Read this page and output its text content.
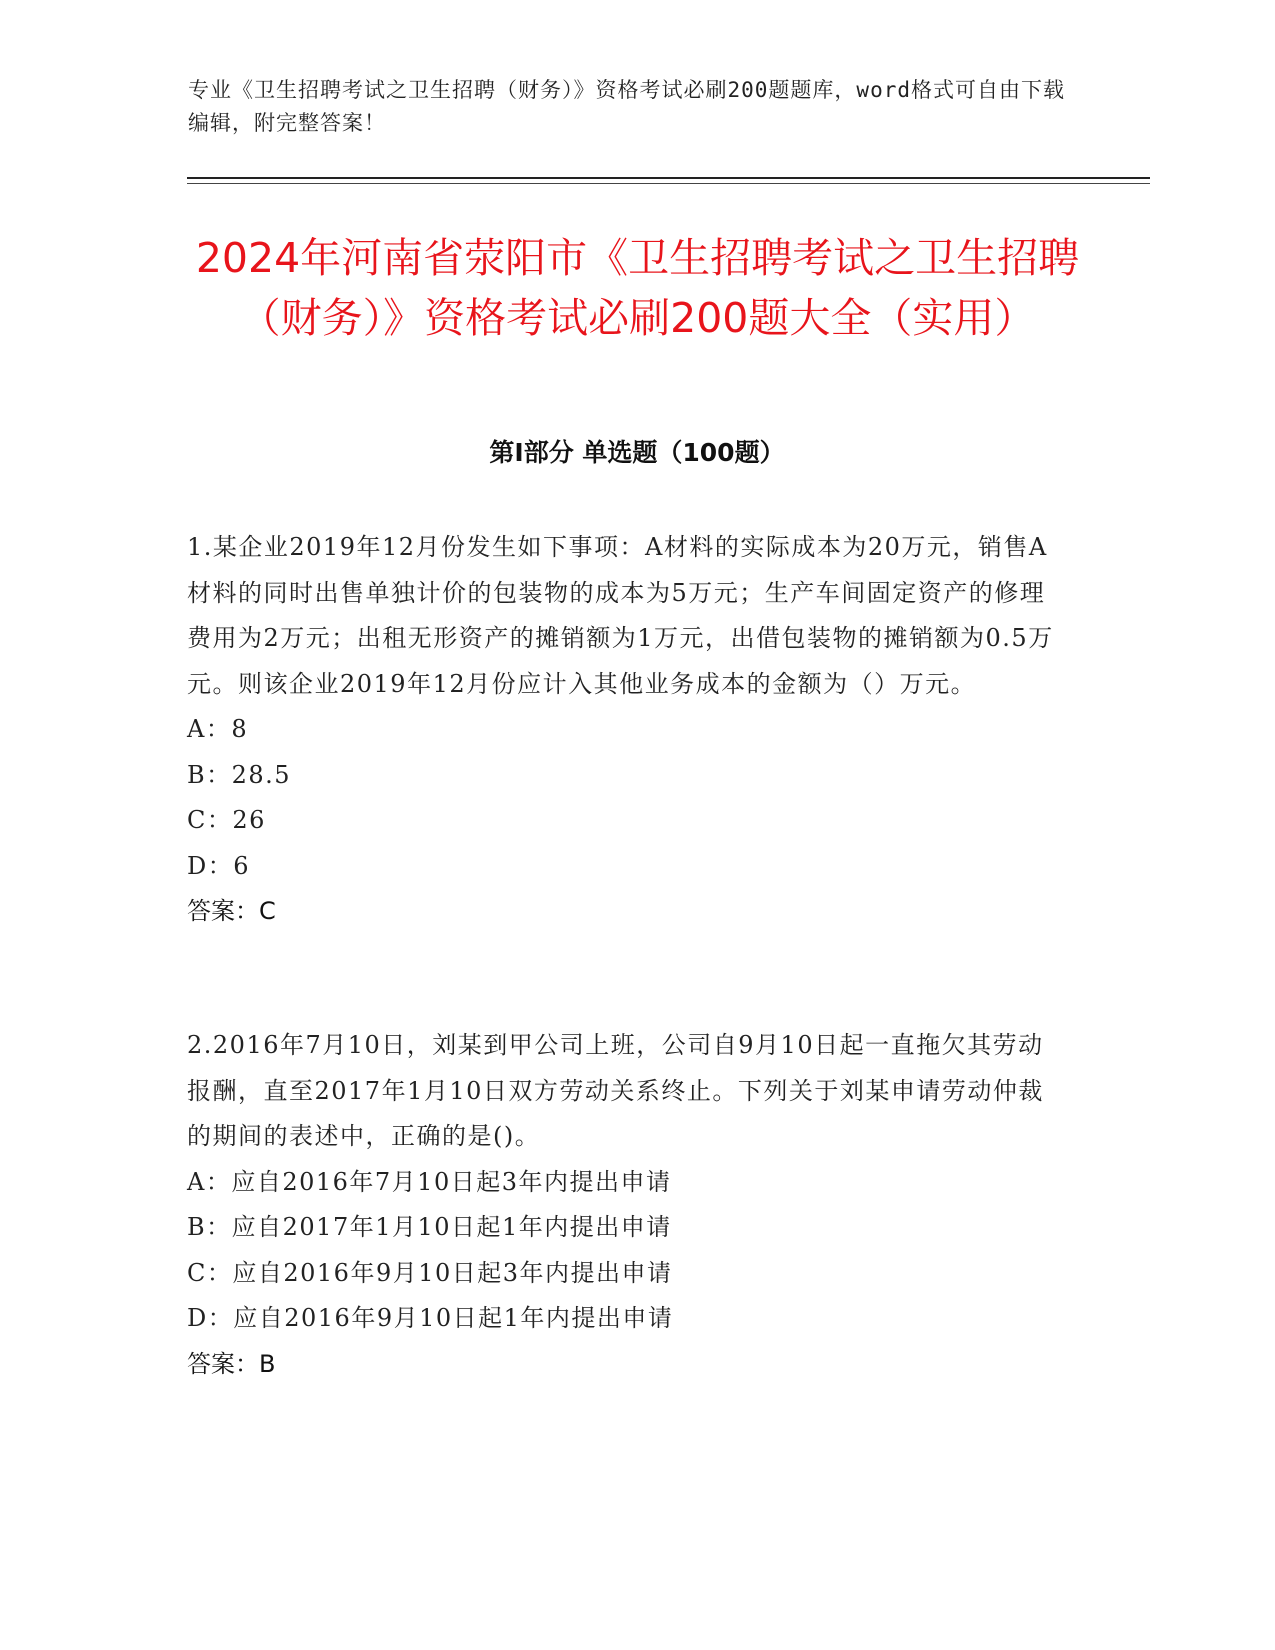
专业《卫生招聘考试之卫生招聘（财务）》资格考试必刷200题题库，word格式可自由下载编辑，附完整答案！
2024年河南省荥阳市《卫生招聘考试之卫生招聘（财务）》资格考试必刷200题大全（实用）
第Ⅰ部分 单选题（100题）
1.某企业2019年12月份发生如下事项：A材料的实际成本为20万元，销售A材料的同时出售单独计价的包装物的成本为5万元；生产车间固定资产的修理费用为2万元；出租无形资产的摊销额为1万元，出借包装物的摊销额为0.5万元。则该企业2019年12月份应计入其他业务成本的金额为（）万元。
A：8
B：28.5
C：26
D：6
答案：C
2.2016年7月10日，刘某到甲公司上班，公司自9月10日起一直拖欠其劳动报酬，直至2017年1月10日双方劳动关系终止。下列关于刘某申请劳动仲裁的期间的表述中，正确的是()。
A：应自2016年7月10日起3年内提出申请
B：应自2017年1月10日起1年内提出申请
C：应自2016年9月10日起3年内提出申请
D：应自2016年9月10日起1年内提出申请
答案：B
